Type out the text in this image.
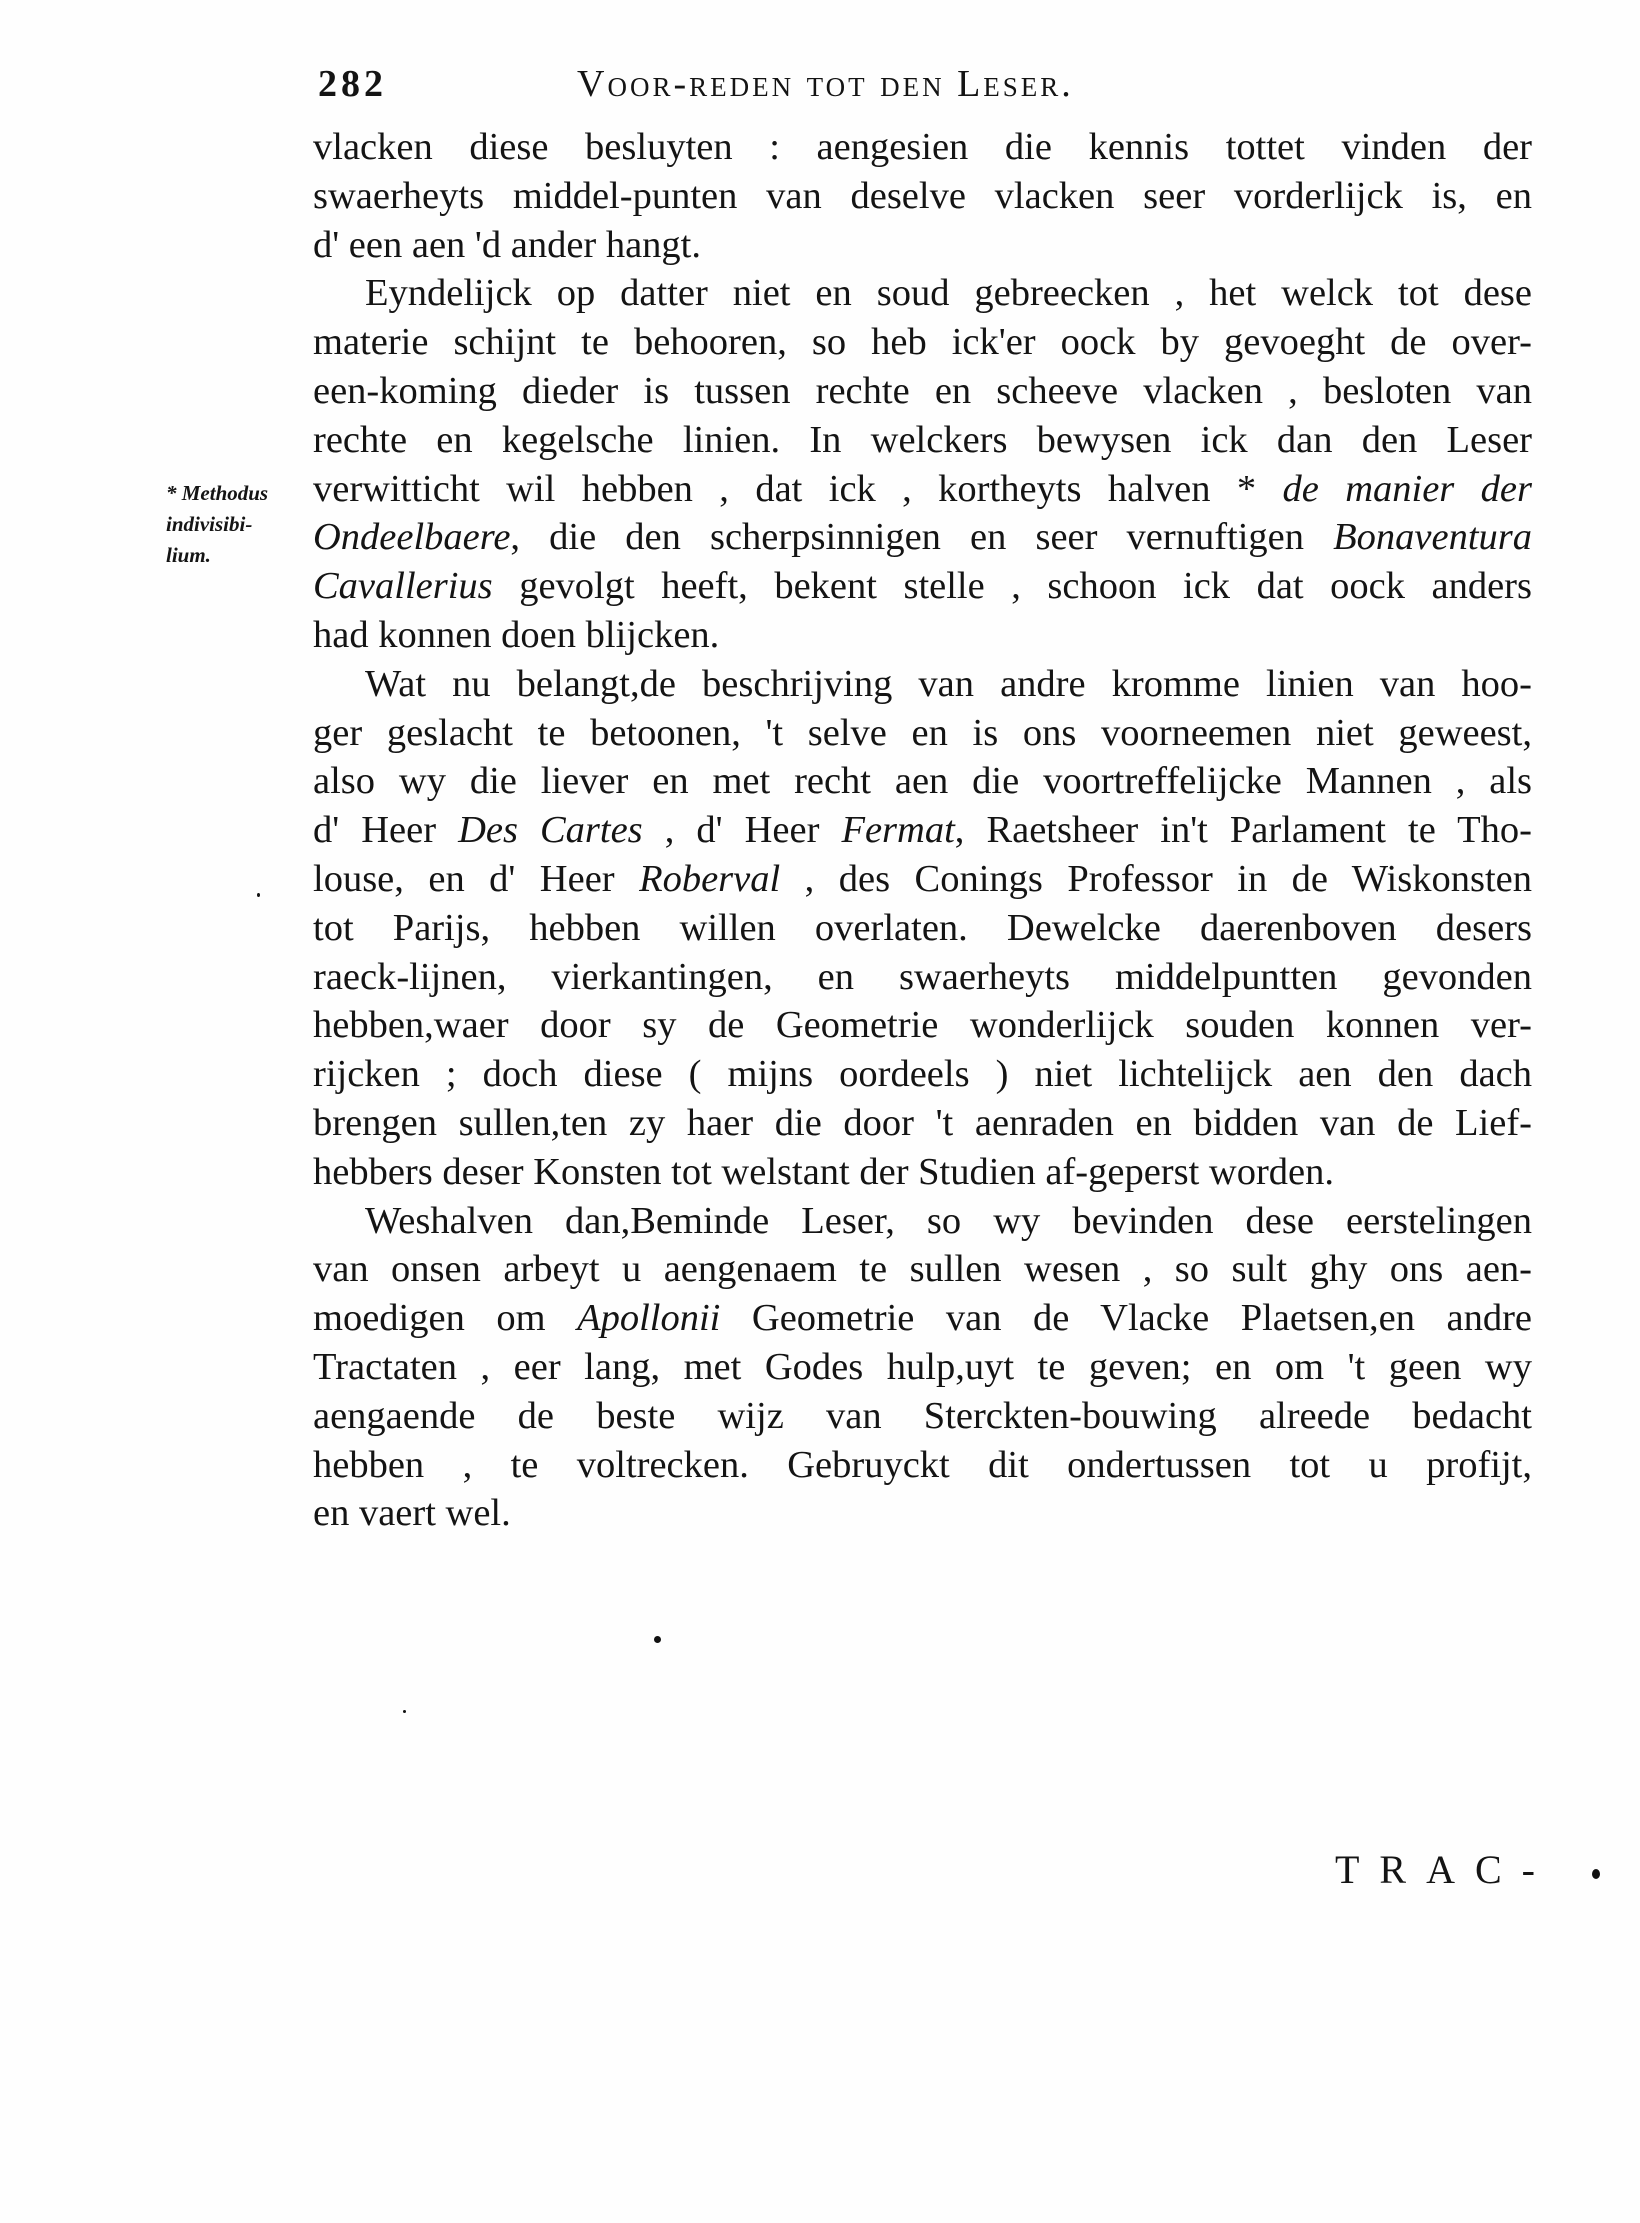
282	Voor-reden tot den Leser.
* Methodus
indivisibi-
lium.
vlacken diese besluyten : aengesien die kennis tottet vinden der
swaerheyts middel-punten van deselve vlacken seer vorderlijck is, en
d' een aen 'd ander hangt.
Eyndelijck op datter niet en soud gebreecken , het welck tot dese
materie schijnt te behooren, so heb ick'er oock by gevoeght de over-
een-koming dieder is tussen rechte en scheeve vlacken , besloten van
rechte en kegelsche linien. In welckers bewysen ick dan den Leser
verwitticht wil hebben , dat ick , kortheyts halven * de manier der
Ondeelbaere, die den scherpsinnigen en seer vernuftigen Bonaventura
Cavallerius gevolgt heeft, bekent stelle , schoon ick dat oock anders
had konnen doen blijcken.
Wat nu belangt,de beschrijving van andre kromme linien van hoo-
ger geslacht te betoonen, 't selve en is ons voorneemen niet geweest,
also wy die liever en met recht aen die voortreffelijcke Mannen , als
d' Heer Des Cartes , d' Heer Fermat, Raetsheer in't Parlament te Tho-
louse, en d' Heer Roberval , des Conings Professor in de Wiskonsten
tot Parijs, hebben willen overlaten. Dewelcke daerenboven desers
raeck-lijnen, vierkantingen, en swaerheyts middelpuntten gevonden
hebben,waer door sy de Geometrie wonderlijck souden konnen ver-
rijcken ; doch diese ( mijns oordeels ) niet lichtelijck aen den dach
brengen sullen,ten zy haer die door 't aenraden en bidden van de Lief-
hebbers deser Konsten tot welstant der Studien af-geperst worden.
Weshalven dan,Beminde Leser, so wy bevinden dese eerstelingen
van onsen arbeyt u aengenaem te sullen wesen , so sult ghy ons aen-
moedigen om Apollonii Geometrie van de Vlacke Plaetsen,en andre
Tractaten , eer lang, met Godes hulp,uyt te geven; en om 't geen wy
aengaende de beste wijz van Sterckten-bouwing alreede bedacht
hebben , te voltrecken. Gebruyckt dit ondertussen tot u profijt,
en vaert wel.
TRAC-
